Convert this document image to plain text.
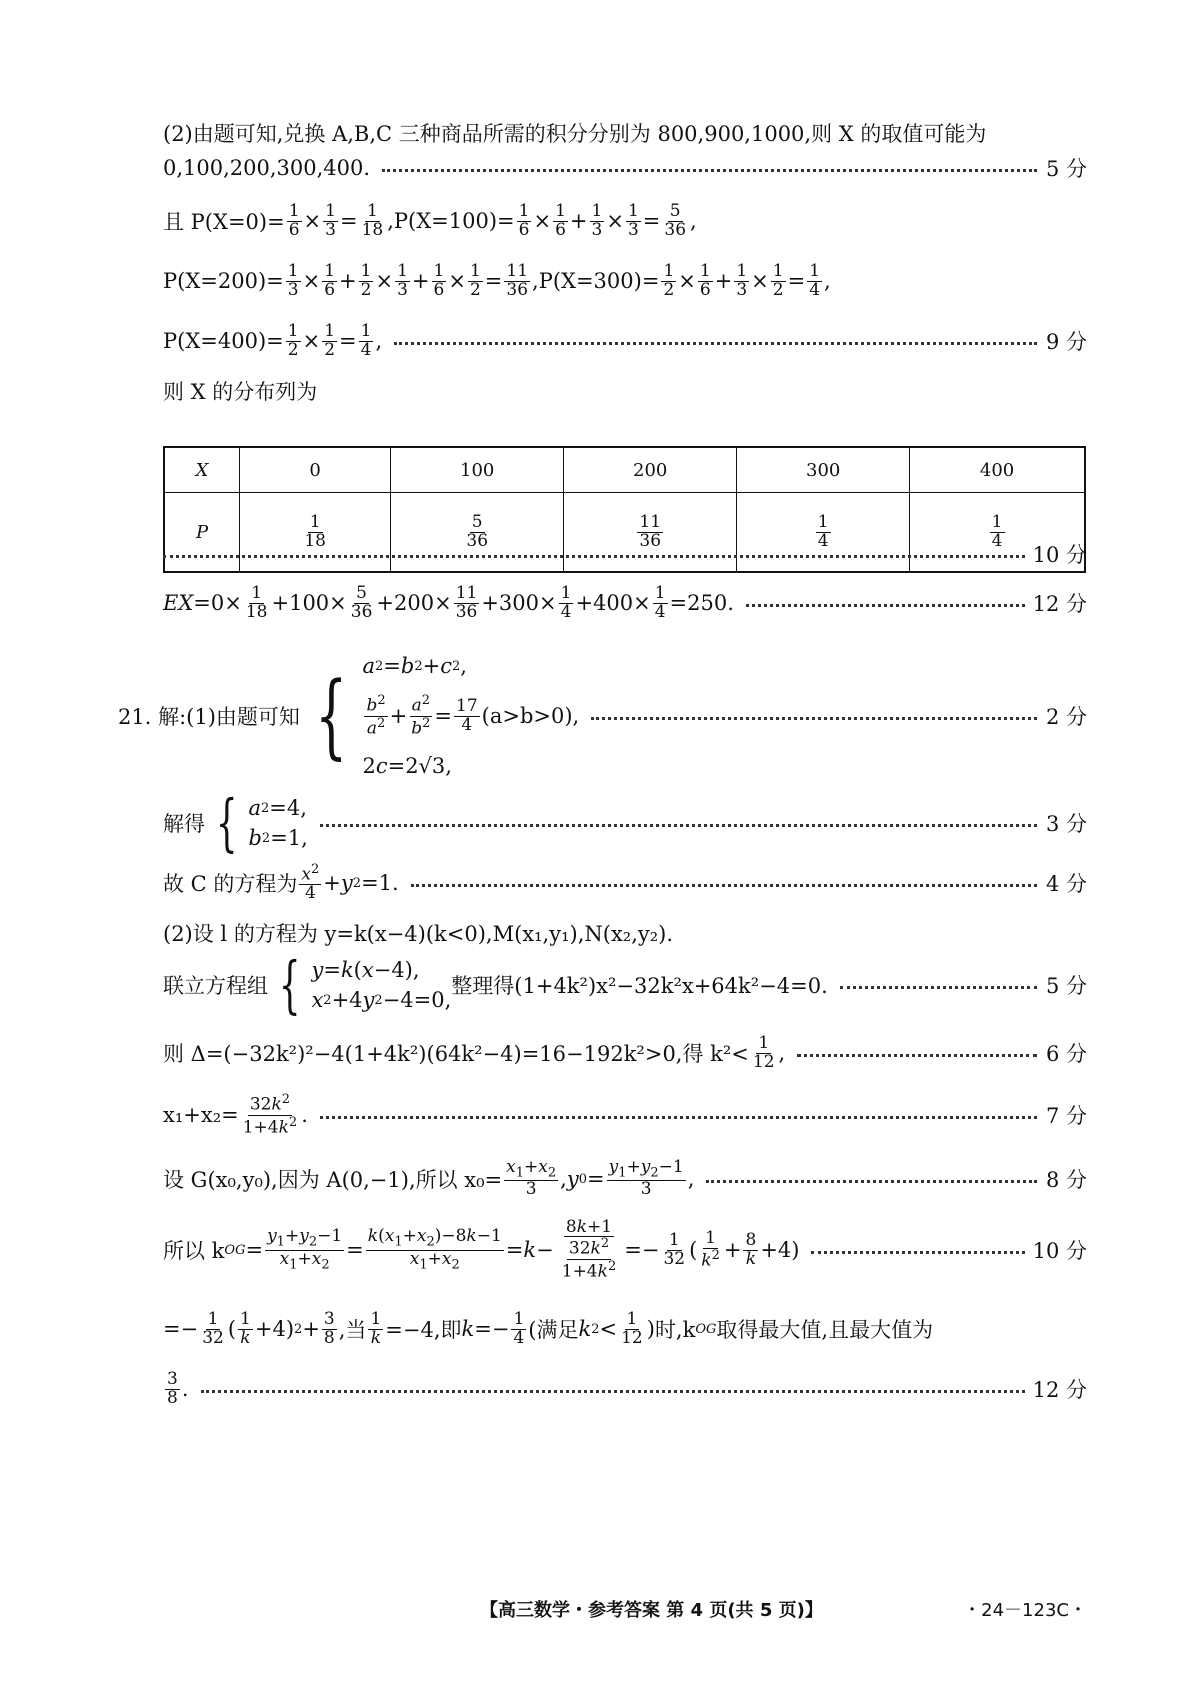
(2)由题可知,兑换 A,B,C 三种商品所需的积分分别为 800,900,1000,则 X 的取值可能为
0,100,200,300,400.	5 分
且 $P(X=0)= \frac{1}{6} \times 1$
3 = 1
18 $,P(X=100)= \frac{1}{6} \times 1$
6 + 1
3 × 1
3 = 5
36 ,
$P(X=200)= \frac{1}{3} \times 1$
6 + 1
2 × 1
3 + 1
6 × 1
2 = 11
36 $,P(X=300)= \frac{1}{2} \times 1$
6 + 1
3 × 1
2 = 1
4 ,
$P(X=400)= \frac{1}{2} \times 1$
2 = 1
4 ,	9 分
则 X 的分布列为
X	0	100	200	300	400
P	$\frac{1}{18}$	$\frac{5}{36}$	$\frac{11}{36}$	$\frac{1}{4}$	$\frac{1}{4}$
10 分
EX =0× 1
18 +100× 5
36 +200× 11
36 +300× 1
$4 +400\times \frac{1}{4} =250$.	12 分
21. 解:(1)由题可知 { a 2 = b 2 + c 2 ,
$b^2$
$a^2 + a^2$
$b^2 = 17$
4 (a>b>0),
2 c =2√3,
2 分
解得 { a 2 =4,
b 2 =1,
3 分
故 C 的方程为 $x^2$
4 + y 2 =1.	4 分
(2)设 l 的方程为 y=k(x−4)(k<0),M(x₁,y₁),N(x₂,y₂).
联立方程组 { y = k ( x −4),
x 2 +4 y 2 −4=0,
整理得(1+4k²)x²−32k²x+64k²−4=0.	5 分
则 Δ=(−32k²)²−4(1+4k²)(64k²−4)=16−192k²>0,得 k²< 1
12 ,	6 分
$x_1+x_2= \frac{32k^2}{1+4k^2}$ .	7 分
设 G(x₀,y₀),因为 A(0,−1),所以 $x_0= \frac{x_1+x_2}{3}$ , y $0 = y_1+y_2-1$
3 ,	8 分
所以 k OG =
$y_1+y_2-1$
$x_1+x_2$
=
$k(x_1+x_2)-8k-1$
$x_1+x_2$
= k −
8k+1
$32k^2$
$1+4k^2$
=− 1
32 (
1
$k^2 + 8$
k +4)	10 分
=− 1
32 ( 1
k +4) 2 + 3
8 ,当 1
k =−4,即 k =− 1
4 (满足 k 2 < 1
12 ) 时,k OG 取得最大值,且最大值为
3
8 .	12 分
【高三数学・参考答案 第 4 页(共 5 页)】	・24－123C・
